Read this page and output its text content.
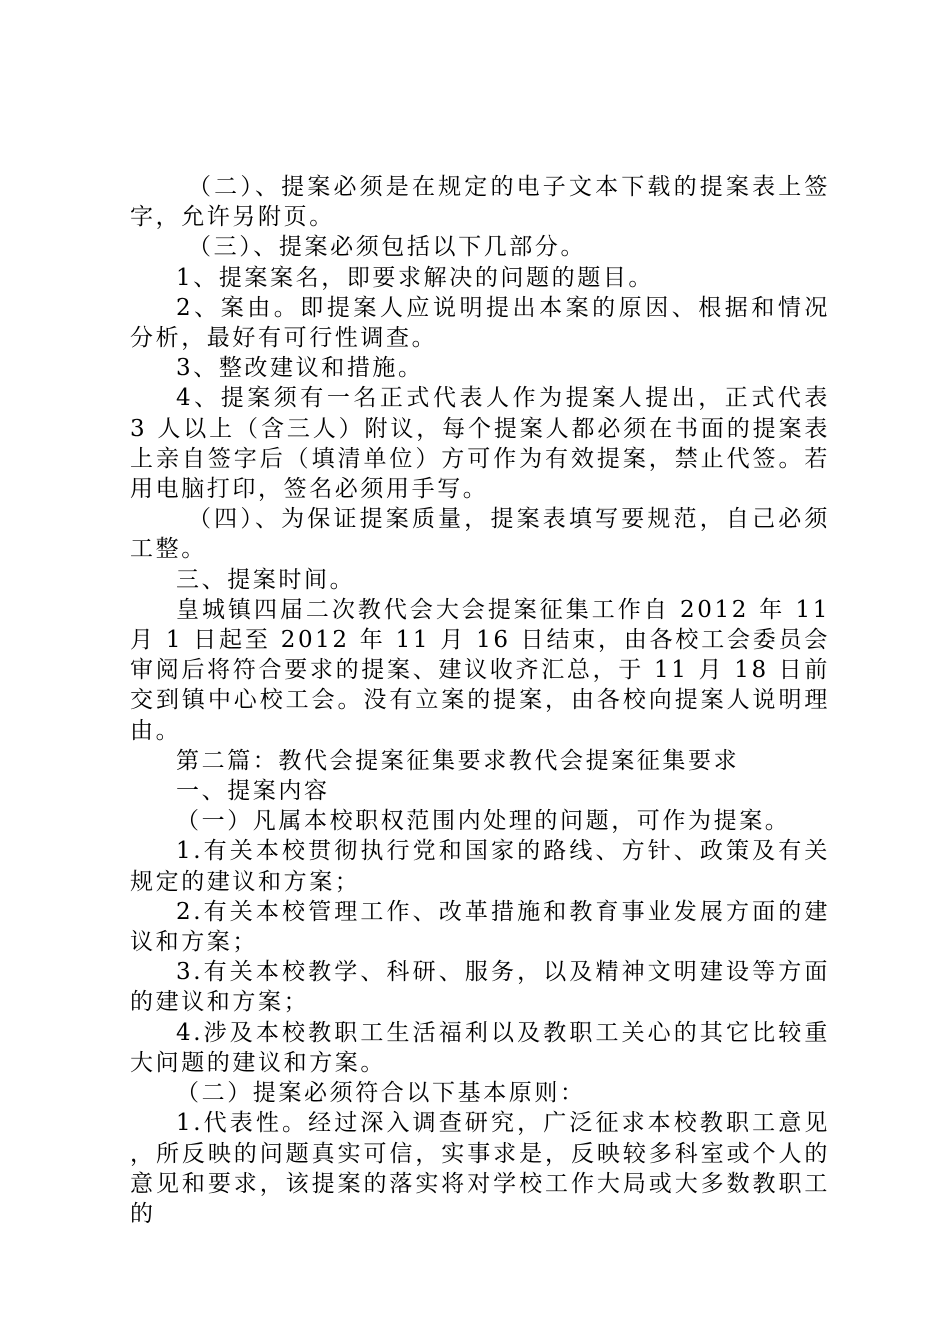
（二）、提案必须是在规定的电子文本下载的提案表上签字，允许另附页。

（三）、提案必须包括以下几部分。

1、提案案名，即要求解决的问题的题目。

2、案由。即提案人应说明提出本案的原因、根据和情况分析，最好有可行性调查。

3、整改建议和措施。

4、提案须有一名正式代表人作为提案人提出，正式代表 3 人以上（含三人）附议，每个提案人都必须在书面的提案表上亲自签字后（填清单位）方可作为有效提案，禁止代签。若用电脑打印，签名必须用手写。

（四）、为保证提案质量，提案表填写要规范，自己必须工整。

三、提案时间。

皇城镇四届二次教代会大会提案征集工作自 2012 年 11 月 1 日起至 2012 年 11 月 16 日结束，由各校工会委员会审阅后将符合要求的提案、建议收齐汇总，于 11 月 18 日前交到镇中心校工会。没有立案的提案，由各校向提案人说明理由。

第二篇：教代会提案征集要求教代会提案征集要求

一、提案内容

（一）凡属本校职权范围内处理的问题，可作为提案。

1.有关本校贯彻执行党和国家的路线、方针、政策及有关规定的建议和方案；

2.有关本校管理工作、改革措施和教育事业发展方面的建议和方案；

3.有关本校教学、科研、服务，以及精神文明建设等方面的建议和方案；

4.涉及本校教职工生活福利以及教职工关心的其它比较重大问题的建议和方案。

（二）提案必须符合以下基本原则：

1.代表性。经过深入调查研究，广泛征求本校教职工意见，所反映的问题真实可信，实事求是，反映较多科室或个人的意见和要求，该提案的落实将对学校工作大局或大多数教职工的
